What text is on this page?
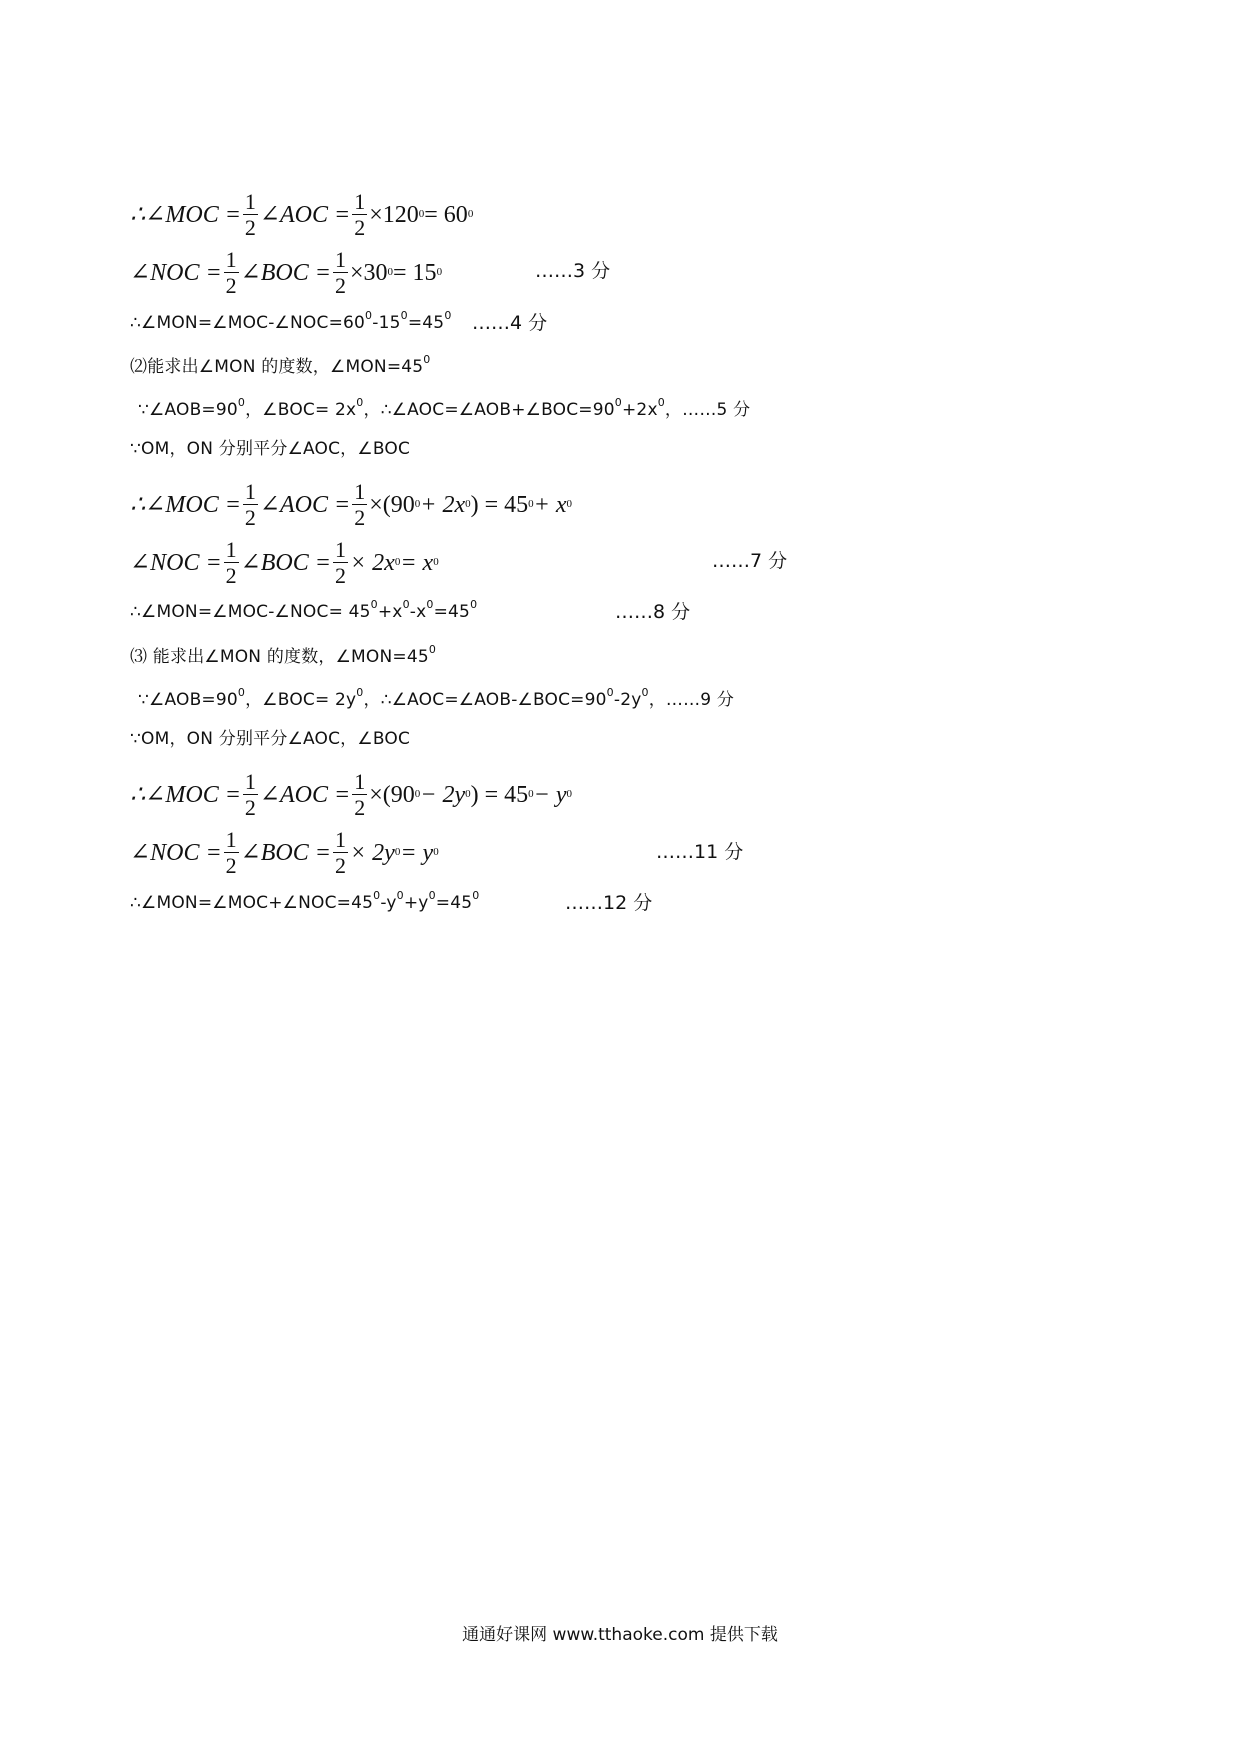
∴∠MOC = $\frac{1}{2}$ ∠AOC = $\frac{1}{2} \times 120$ 0 = 60 0
∠NOC = $\frac{1}{2}$ ∠BOC = $\frac{1}{2} \times 30$ 0 = 15 0	……3 分
$\therefore\angle MON=\angle MOC-\angle NOC=60^0-15^0=45^0$ ……4 分
⑵能求出∠MON 的度数，$\angle MON=45^0$
$\because\angle AOB=90^0$，∠BOC= $2x^0$，$\therefore\angle AOC=\angle AOB+\angle BOC=90^0+2x^0$，……5 分
∵OM，ON 分别平分∠AOC，∠BOC
∴∠MOC = $\frac{1}{2}$ ∠AOC = $\frac{1}{2} \times(90$ 0 + 2x 0 ) = 45 0 + x 0
∠NOC = $\frac{1}{2}$ ∠BOC = $\frac{1}{2} \times 2x$ 0 = x 0	……7 分
∴∠MON=∠MOC-∠NOC= $45^0+x^0-x^0=45^0$	……8 分
⑶ 能求出∠MON 的度数，$\angle MON=45^0$
$\because\angle AOB=90^0$，∠BOC= $2y^0$，$\therefore\angle AOC=\angle AOB-\angle BOC=90^0-2y^0$，……9 分
∵OM，ON 分别平分∠AOC，∠BOC
∴∠MOC = $\frac{1}{2}$ ∠AOC = $\frac{1}{2} \times(90$ 0 − 2y 0 ) = 45 0 − y 0
∠NOC = $\frac{1}{2}$ ∠BOC = $\frac{1}{2} \times 2y$ 0 = y 0	……11 分
$\therefore\angle MON=\angle MOC+\angle NOC=45^0-y^0+y^0=45^0$	……12 分
通通好课网 www.tthaoke.com 提供下载
